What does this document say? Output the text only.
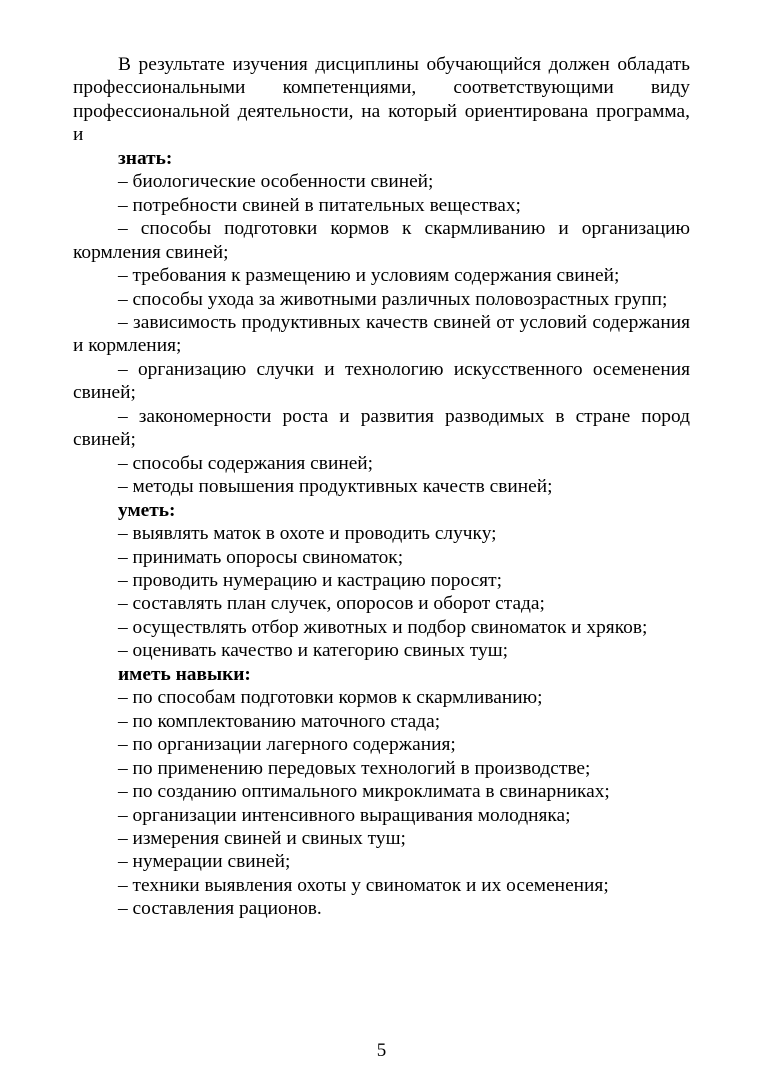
В результате изучения дисциплины обучающийся должен обладать профессиональными компетенциями, соответствующими виду профессиональной деятельности, на который ориентирована программа, и

знать:

– биологические особенности свиней;

– потребности свиней в питательных веществах;

– способы подготовки кормов к скармливанию и организацию кормления свиней;

– требования к размещению и условиям содержания свиней;

– способы ухода за животными различных половозрастных групп;

– зависимость продуктивных качеств свиней от условий содержания и кормления;

– организацию случки и технологию искусственного осеменения свиней;

– закономерности роста и развития разводимых в стране пород свиней;

– способы содержания свиней;

– методы повышения продуктивных качеств свиней;

уметь:

– выявлять маток в охоте и проводить случку;

– принимать опоросы свиноматок;

– проводить нумерацию и кастрацию поросят;

– составлять план случек, опоросов и оборот стада;

– осуществлять отбор животных и подбор свиноматок и хряков;

– оценивать качество и категорию свиных туш;

иметь навыки:

– по способам подготовки кормов к скармливанию;

– по комплектованию маточного стада;

– по организации лагерного содержания;

– по применению передовых технологий в производстве;

– по созданию оптимального микроклимата в свинарниках;

– организации интенсивного выращивания молодняка;

– измерения свиней и свиных туш;

– нумерации свиней;

– техники выявления охоты у свиноматок и их осеменения;

– составления рационов.

5
